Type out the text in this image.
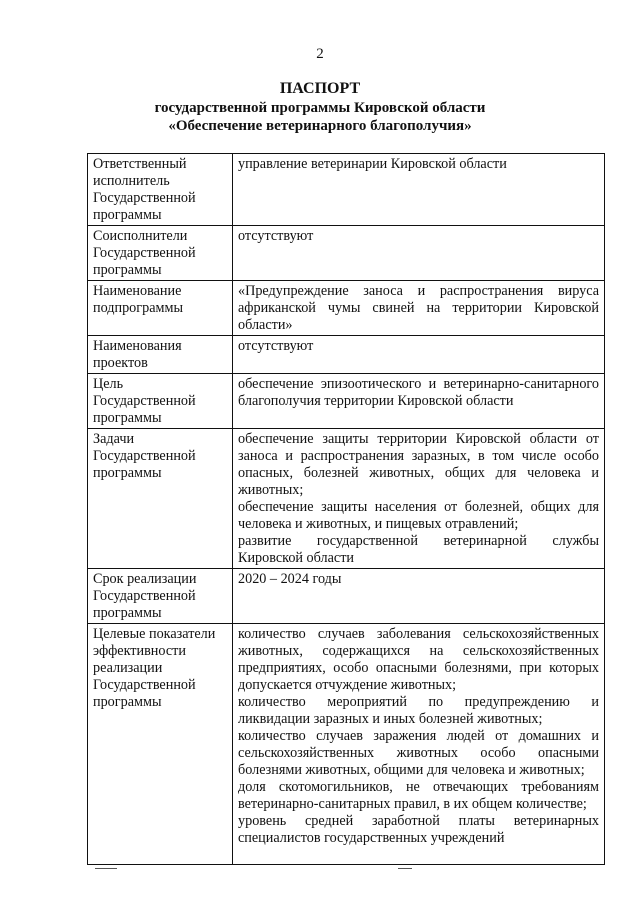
2
ПАСПОРТ
государственной программы Кировской области
«Обеспечение ветеринарного благополучия»
Ответственный исполнитель Государственной программы	управление ветеринарии Кировской области

Соисполнители Государственной программы	отсутствуют

Наименование подпрограммы	«Предупреждение заноса и распространения вируса африканской чумы свиней на территории Кировской области»

Наименования проектов	отсутствуют

Цель Государственной программы	обеспечение эпизоотического и ветеринарно-санитарного благополучия территории Кировской области

Задачи Государственной программы	обеспечение защиты территории Кировской области от заноса и распространения заразных, в том числе особо опасных, болезней животных, общих для человека и животных;
обеспечение защиты населения от болезней, общих для человека и животных, и пищевых отравлений;
развитие государственной ветеринарной службы Кировской области

Срок реализации Государственной программы	2020 – 2024 годы

Целевые показатели эффективности реализации Государственной программы	количество случаев заболевания сельскохозяйственных животных, содержащихся на сельскохозяйственных предприятиях, особо опасными болезнями, при которых допускается отчуждение животных;
количество мероприятий по предупреждению и ликвидации заразных и иных болезней животных;
количество случаев заражения людей от домашних и сельскохозяйственных животных особо опасными болезнями животных, общими для человека и животных;
доля скотомогильников, не отвечающих требованиям ветеринарно-санитарных правил, в их общем количестве;
уровень средней заработной платы ветеринарных специалистов государственных учреждений
